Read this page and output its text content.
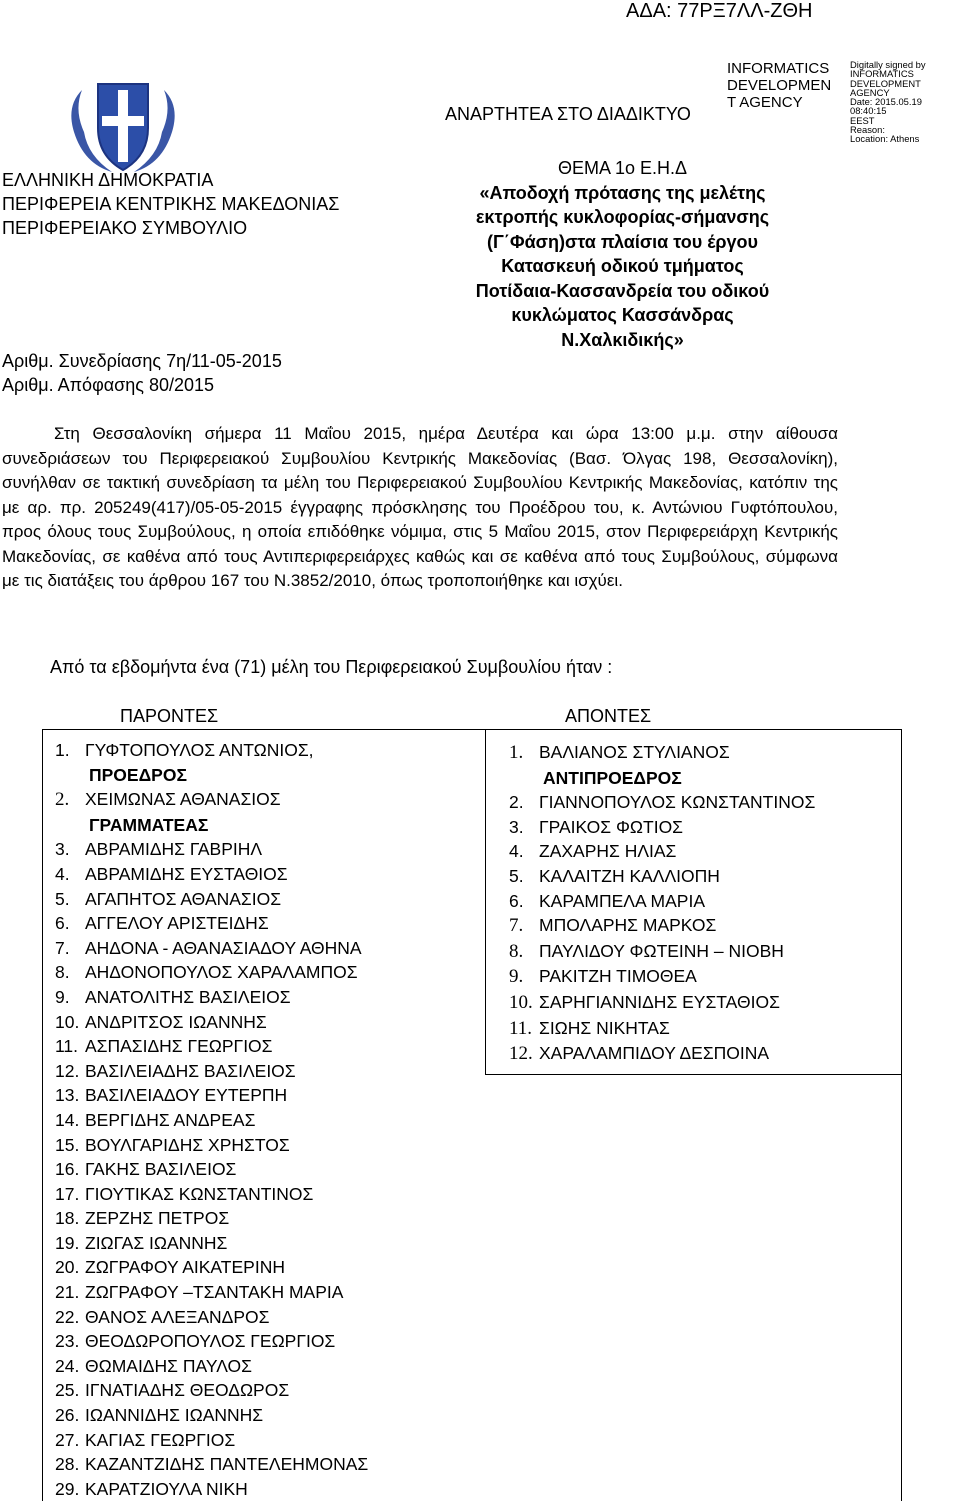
ΑΔΑ: 77ΡΞ7ΛΛ-ΖΘΗ
ΕΛΛΗΝΙΚΗ ΔΗΜΟΚΡΑΤΙΑ
ΠΕΡΙΦΕΡΕΙΑ ΚΕΝΤΡΙΚΗΣ ΜΑΚΕΔΟΝΙΑΣ
ΠΕΡΙΦΕΡΕΙΑΚΟ ΣΥΜΒΟΥΛΙΟ
Αριθμ. Συνεδρίασης 7η/11-05-2015
Αριθμ. Απόφασης 80/2015
INFORMATICS
DEVELOPMEN
T AGENCY
ΑΝΑΡΤΗΤΕΑ ΣΤΟ ΔΙΑΔΙΚΤΥΟ
Digitally signed by
INFORMATICS
DEVELOPMENT AGENCY
Date: 2015.05.19 08:40:15
EEST
Reason:
Location: Athens
ΘΕΜΑ 1ο Ε.Η.Δ
«Αποδοχή πρότασης της μελέτης
εκτροπής κυκλοφορίας-σήμανσης
(Γ΄Φάση)στα πλαίσια του έργου
Κατασκευή οδικού τμήματος
Ποτίδαια-Κασσανδρεία του οδικού
κυκλώματος Κασσάνδρας
Ν.Χαλκιδικής»

Στη Θεσσαλονίκη σήμερα 11 Μαΐου 2015, ημέρα Δευτέρα και ώρα 13:00 μ.μ. στην αίθουσα συνεδριάσεων του Περιφερειακού Συμβουλίου Κεντρικής Μακεδονίας (Βασ. Όλγας 198, Θεσσαλονίκη), συνήλθαν σε τακτική συνεδρίαση τα μέλη του Περιφερειακού Συμβουλίου Κεντρικής Μακεδονίας, κατόπιν της με αρ. πρ. 205249(417)/05-05-2015 έγγραφης πρόσκλησης του Προέδρου του, κ. Αντώνιου Γυφτόπουλου, προς όλους τους Συμβούλους, η οποία επιδόθηκε νόμιμα, στις 5 Μαΐου 2015, στον Περιφερειάρχη Κεντρικής Μακεδονίας, σε καθένα από τους Αντιπεριφερειάρχες καθώς και σε καθένα από τους Συμβούλους, σύμφωνα με τις διατάξεις του άρθρου 167 του Ν.3852/2010, όπως τροποποιήθηκε και ισχύει.

Από τα εβδομήντα ένα (71) μέλη του Περιφερειακού Συμβουλίου ήταν :
ΠΑΡΟΝΤΕΣ	ΑΠΟΝΤΕΣ
1. ΓΥΦΤΟΠΟΥΛΟΣ ΑΝΤΩΝΙΟΣ,
ΠΡΟΕΔΡΟΣ
2. ΧΕΙΜΩΝΑΣ ΑΘΑΝΑΣΙΟΣ
ΓΡΑΜΜΑΤΕΑΣ
3. ΑΒΡΑΜΙΔΗΣ ΓΑΒΡΙΗΛ
4. ΑΒΡΑΜΙΔΗΣ ΕΥΣΤΑΘΙΟΣ
5. ΑΓΑΠΗΤΟΣ ΑΘΑΝΑΣΙΟΣ
6. ΑΓΓΕΛΟΥ ΑΡΙΣΤΕΙΔΗΣ
7. ΑΗΔΟΝΑ - ΑΘΑΝΑΣΙΑΔΟΥ ΑΘΗΝΑ
8. ΑΗΔΟΝΟΠΟΥΛΟΣ ΧΑΡΑΛΑΜΠΟΣ
9. ΑΝΑΤΟΛΙΤΗΣ ΒΑΣΙΛΕΙΟΣ
10. ΑΝΔΡΙΤΣΟΣ ΙΩΑΝΝΗΣ
11. ΑΣΠΑΣΙΔΗΣ ΓΕΩΡΓΙΟΣ
12. ΒΑΣΙΛΕΙΑΔΗΣ ΒΑΣΙΛΕΙΟΣ
13. ΒΑΣΙΛΕΙΑΔΟΥ ΕΥΤΕΡΠΗ
14. ΒΕΡΓΙΔΗΣ ΑΝΔΡΕΑΣ
15. ΒΟΥΛΓΑΡΙΔΗΣ ΧΡΗΣΤΟΣ
16. ΓΑΚΗΣ ΒΑΣΙΛΕΙΟΣ
17. ΓΙΟΥΤΙΚΑΣ ΚΩΝΣΤΑΝΤΙΝΟΣ
18. ΖΕΡΖΗΣ ΠΕΤΡΟΣ
19. ΖΙΩΓΑΣ ΙΩΑΝΝΗΣ
20. ΖΩΓΡΑΦΟΥ ΑΙΚΑΤΕΡΙΝΗ
21. ΖΩΓΡΑΦΟΥ –ΤΣΑΝΤΑΚΗ ΜΑΡΙΑ
22. ΘΑΝΟΣ ΑΛΕΞΑΝΔΡΟΣ
23. ΘΕΟΔΩΡΟΠΟΥΛΟΣ ΓΕΩΡΓΙΟΣ
24. ΘΩΜΑΙΔΗΣ ΠΑΥΛΟΣ
25. ΙΓΝΑΤΙΑΔΗΣ ΘΕΟΔΩΡΟΣ
26. ΙΩΑΝΝΙΔΗΣ ΙΩΑΝΝΗΣ
27. ΚΑΓΙΑΣ ΓΕΩΡΓΙΟΣ
28. ΚΑΖΑΝΤΖΙΔΗΣ ΠΑΝΤΕΛΕΗΜΟΝΑΣ
29. ΚΑΡΑΤΖΙΟΥΛΑ ΝΙΚΗ
1. ΒΑΛΙΑΝΟΣ ΣΤΥΛΙΑΝΟΣ
ΑΝΤΙΠΡΟΕΔΡΟΣ
2. ΓΙΑΝΝΟΠΟΥΛΟΣ ΚΩΝΣΤΑΝΤΙΝΟΣ
3. ΓΡΑΙΚΟΣ ΦΩΤΙΟΣ
4. ΖΑΧΑΡΗΣ ΗΛΙΑΣ
5. ΚΑΛΑΙΤΖΗ ΚΑΛΛΙΟΠΗ
6. ΚΑΡΑΜΠΕΛΑ ΜΑΡΙΑ
7. ΜΠΟΛΑΡΗΣ ΜΑΡΚΟΣ
8. ΠΑΥΛΙΔΟΥ ΦΩΤΕΙΝΗ – ΝΙΟΒΗ
9. ΡΑΚΙΤΖΗ ΤΙΜΟΘΕΑ
10. ΣΑΡΗΓΙΑΝΝΙΔΗΣ ΕΥΣΤΑΘΙΟΣ
11. ΣΙΩΗΣ ΝΙΚΗΤΑΣ
12. ΧΑΡΑΛΑΜΠΙΔΟΥ ΔΕΣΠΟΙΝΑ
